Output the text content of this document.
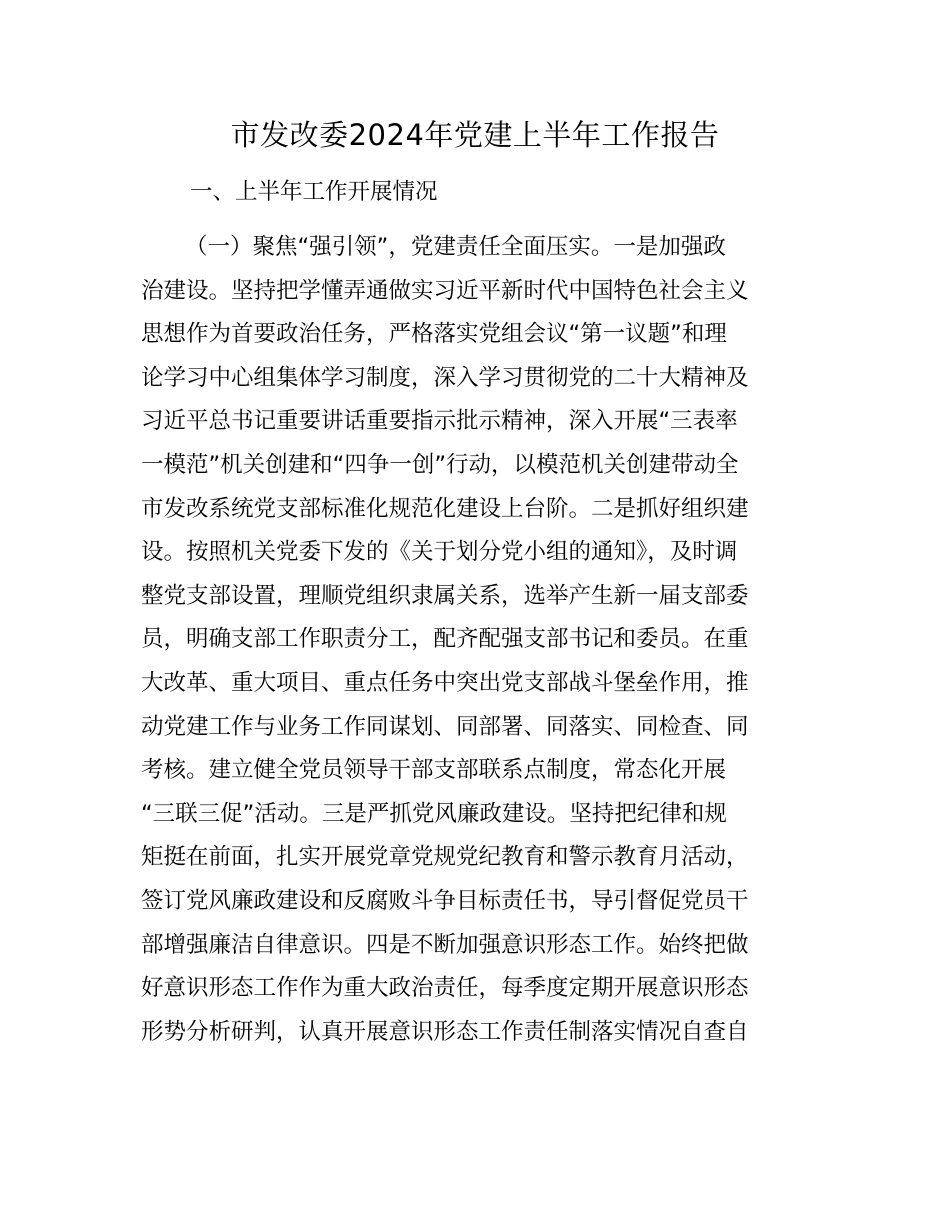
市发改委2024年党建上半年工作报告
一、上半年工作开展情况
（一）聚焦“强引领”，党建责任全面压实。一是加强政
治建设。坚持把学懂弄通做实习近平新时代中国特色社会主义
思想作为首要政治任务，严格落实党组会议“第一议题”和理
论学习中心组集体学习制度，深入学习贯彻党的二十大精神及
习近平总书记重要讲话重要指示批示精神，深入开展“三表率
一模范”机关创建和“四争一创”行动，以模范机关创建带动全
市发改系统党支部标准化规范化建设上台阶。二是抓好组织建
设。按照机关党委下发的《关于划分党小组的通知》，及时调
整党支部设置，理顺党组织隶属关系，选举产生新一届支部委
员，明确支部工作职责分工，配齐配强支部书记和委员。在重
大改革、重大项目、重点任务中突出党支部战斗堡垒作用，推
动党建工作与业务工作同谋划、同部署、同落实、同检查、同
考核。建立健全党员领导干部支部联系点制度，常态化开展
“三联三促”活动。三是严抓党风廉政建设。坚持把纪律和规
矩挺在前面，扎实开展党章党规党纪教育和警示教育月活动，
签订党风廉政建设和反腐败斗争目标责任书，导引督促党员干
部增强廉洁自律意识。四是不断加强意识形态工作。始终把做
好意识形态工作作为重大政治责任，每季度定期开展意识形态
形势分析研判，认真开展意识形态工作责任制落实情况自查自
